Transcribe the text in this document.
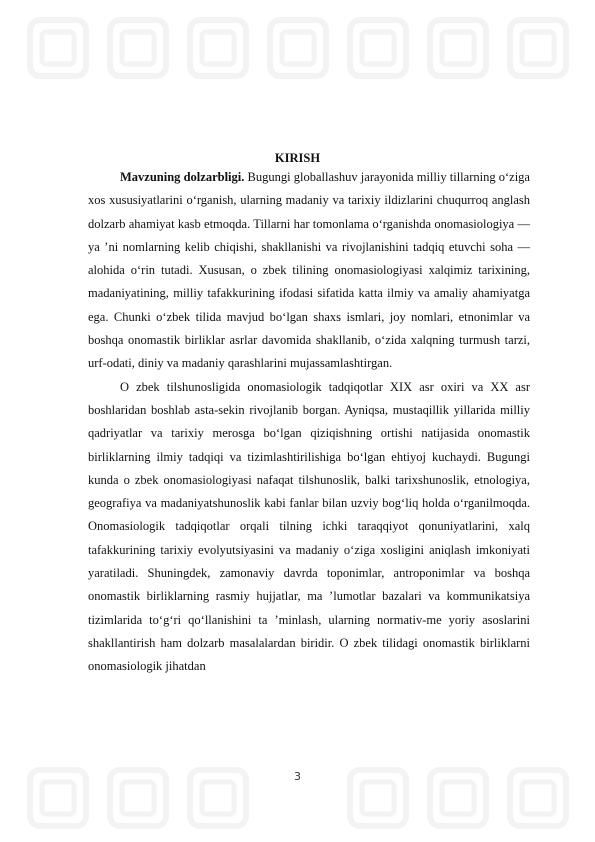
KIRISH

Mavzuning dolzarbligi. Bugungi globallashuv jarayonida milliy tillarning o‘ziga xos xususiyatlarini o‘rganish, ularning madaniy va tarixiy ildizlarini chuqurroq anglash dolzarb ahamiyat kasb etmoqda. Tillarni har tomonlama o‘rganishda onomasiologiya — ya ʼni nomlarning kelib chiqishi, shakllanishi va rivojlanishini tadqiq etuvchi soha — alohida o‘rin tutadi. Xususan, o zbek tilining onomasiologiyasi xalqimiz tarixining, madaniyatining, milliy tafakkurining ifodasi sifatida katta ilmiy va amaliy ahamiyatga ega. Chunki o‘zbek tilida mavjud bo‘lgan shaxs ismlari, joy nomlari, etnonimlar va boshqa onomastik birliklar asrlar davomida shakllanib, o‘zida xalqning turmush tarzi, urf-odati, diniy va madaniy qarashlarini mujassamlashtirgan.

O zbek tilshunosligida onomasiologik tadqiqotlar XIX asr oxiri va XX asr boshlaridan boshlab asta-sekin rivojlanib borgan. Ayniqsa, mustaqillik yillarida milliy qadriyatlar va tarixiy merosga bo‘lgan qiziqishning ortishi natijasida onomastik birliklarning ilmiy tadqiqi va tizimlashtirilishiga bo‘lgan ehtiyoj kuchaydi. Bugungi kunda o zbek onomasiologiyasi nafaqat tilshunoslik, balki tarixshunoslik, etnologiya, geografiya va madaniyatshunoslik kabi fanlar bilan uzviy bog‘liq holda o‘rganilmoqda. Onomasiologik tadqiqotlar orqali tilning ichki taraqqiyot qonuniyatlarini, xalq tafakkurining tarixiy evolyutsiyasini va madaniy o‘ziga xosligini aniqlash imkoniyati yaratiladi. Shuningdek, zamonaviy davrda toponimlar, antroponimlar va boshqa onomastik birliklarning rasmiy hujjatlar, ma ʼlumotlar bazalari va kommunikatsiya tizimlarida to‘g‘ri qo‘llanishini ta ʼminlash, ularning normativ-me yoriy asoslarini shakllantirish ham dolzarb masalalardan biridir. O zbek tilidagi onomastik birliklarni onomasiologik jihatdan

3
